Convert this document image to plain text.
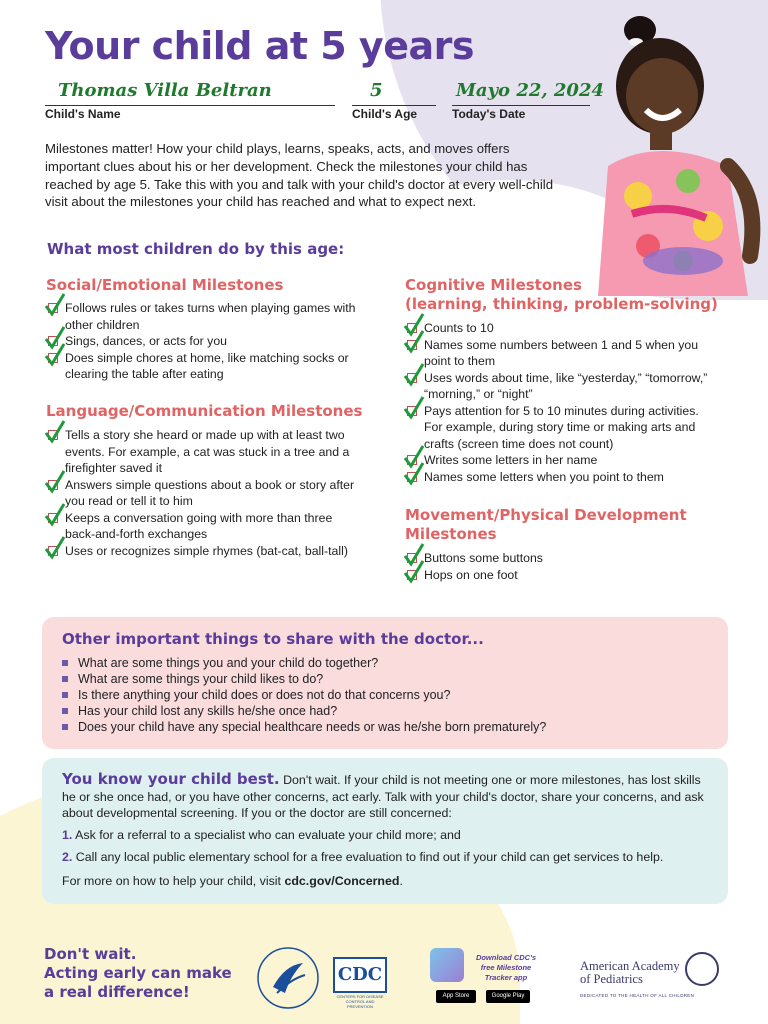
Your child at 5 years
Thomas Villa Beltran	5	Mayo 22, 2024
Child's Name	Child's Age	Today's Date
Milestones matter! How your child plays, learns, speaks, acts, and moves offers important clues about his or her development. Check the milestones your child has reached by age 5. Take this with you and talk with your child's doctor at every well-child visit about the milestones your child has reached and what to expect next.
What most children do by this age:
Social/Emotional Milestones
Follows rules or takes turns when playing games with other children
Sings, dances, or acts for you
Does simple chores at home, like matching socks or clearing the table after eating
Language/Communication Milestones
Tells a story she heard or made up with at least two events. For example, a cat was stuck in a tree and a firefighter saved it
Answers simple questions about a book or story after you read or tell it to him
Keeps a conversation going with more than three back-and-forth exchanges
Uses or recognizes simple rhymes (bat-cat, ball-tall)
Cognitive Milestones
(learning, thinking, problem-solving)
Counts to 10
Names some numbers between 1 and 5 when you point to them
Uses words about time, like “yesterday,” “tomorrow,” “morning,” or “night”
Pays attention for 5 to 10 minutes during activities. For example, during story time or making arts and crafts (screen time does not count)
Writes some letters in her name
Names some letters when you point to them
Movement/Physical Development Milestones
Buttons some buttons
Hops on one foot
Other important things to share with the doctor...
What are some things you and your child do together?
What are some things your child likes to do?
Is there anything your child does or does not do that concerns you?
Has your child lost any skills he/she once had?
Does your child have any special healthcare needs or was he/she born prematurely?
You know your child best. Don't wait. If your child is not meeting one or more milestones, has lost skills he or she once had, or you have other concerns, act early. Talk with your child's doctor, share your concerns, and ask about developmental screening. If you or the doctor are still concerned:
1. Ask for a referral to a specialist who can evaluate your child more; and
2. Call any local public elementary school for a free evaluation to find out if your child can get services to help.
For more on how to help your child, visit cdc.gov/Concerned.
Don't wait.
Acting early can make
a real difference!
CDC
CENTERS FOR DISEASE CONTROL AND PREVENTION
Download CDC's
free Milestone
Tracker app
App Store	Google Play
American Academy
of Pediatrics
DEDICATED TO THE HEALTH OF ALL CHILDREN
